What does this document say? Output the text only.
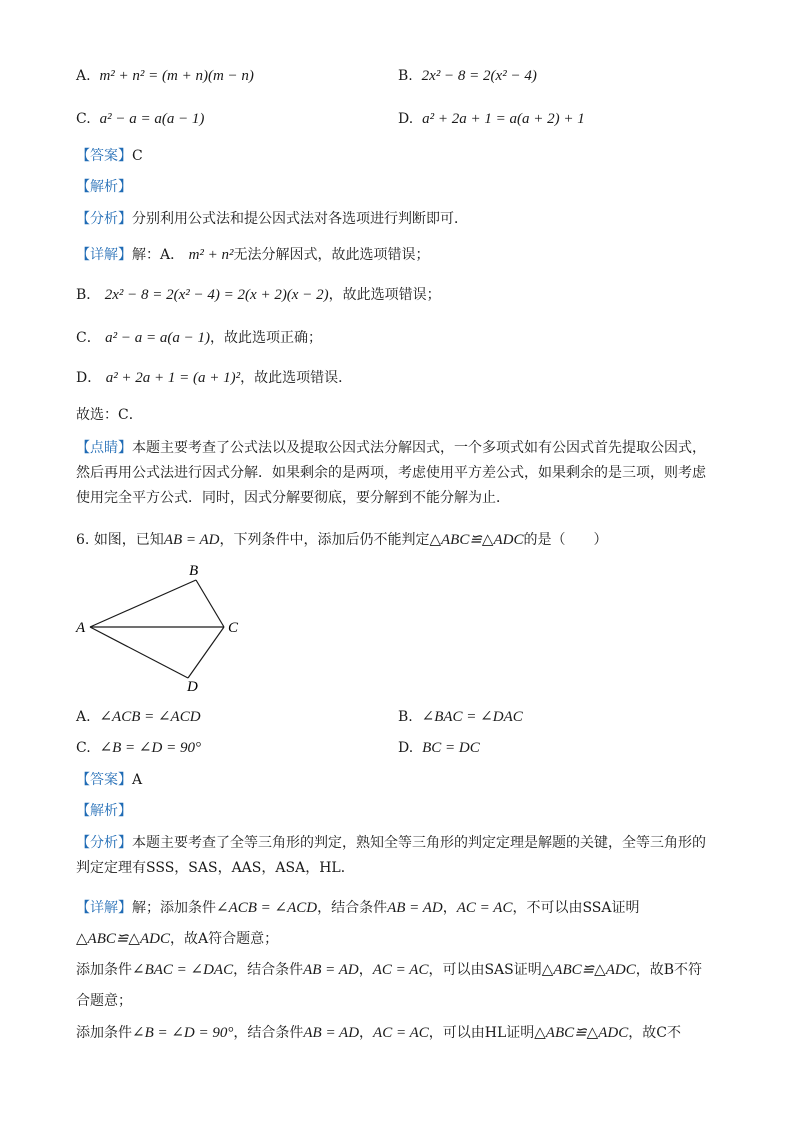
A. m² + n² = (m + n)(m − n)	B. 2x² − 8 = 2(x² − 4)
C. a² − a = a(a − 1)	D. a² + 2a + 1 = a(a + 2) + 1
【答案】C
【解析】
【分析】分别利用公式法和提公因式法对各选项进行判断即可．
【详解】解：A． m² + n²无法分解因式，故此选项错误；
B． 2x² − 8 = 2(x² − 4) = 2(x + 2)(x − 2)，故此选项错误；
C． a² − a = a(a − 1)，故此选项正确；
D． a² + 2a + 1 = (a + 1)²，故此选项错误．
故选：C．
【点睛】本题主要考查了公式法以及提取公因式法分解因式，一个多项式如有公因式首先提取公因式，然后再用公式法进行因式分解．如果剩余的是两项，考虑使用平方差公式，如果剩余的是三项，则考虑使用完全平方公式．同时，因式分解要彻底，要分解到不能分解为止．
6. 如图，已知AB = AD，下列条件中，添加后仍不能判定△ABC≌△ADC的是（　　）
A
B
C
D
A. ∠ACB = ∠ACD	B. ∠BAC = ∠DAC
C. ∠B = ∠D = 90°	D. BC = DC
【答案】A
【解析】
【分析】本题主要考查了全等三角形的判定，熟知全等三角形的判定定理是解题的关键，全等三角形的判定定理有SSS，SAS，AAS，ASA，HL．
【详解】解；添加条件∠ACB = ∠ACD，结合条件AB = AD，AC = AC，不可以由SSA证明△ABC≌△ADC，故A符合题意；
添加条件∠BAC = ∠DAC，结合条件AB = AD，AC = AC，可以由SAS证明△ABC≌△ADC，故B不符合题意；
添加条件∠B = ∠D = 90°，结合条件AB = AD，AC = AC，可以由HL证明△ABC≌△ADC，故C不
